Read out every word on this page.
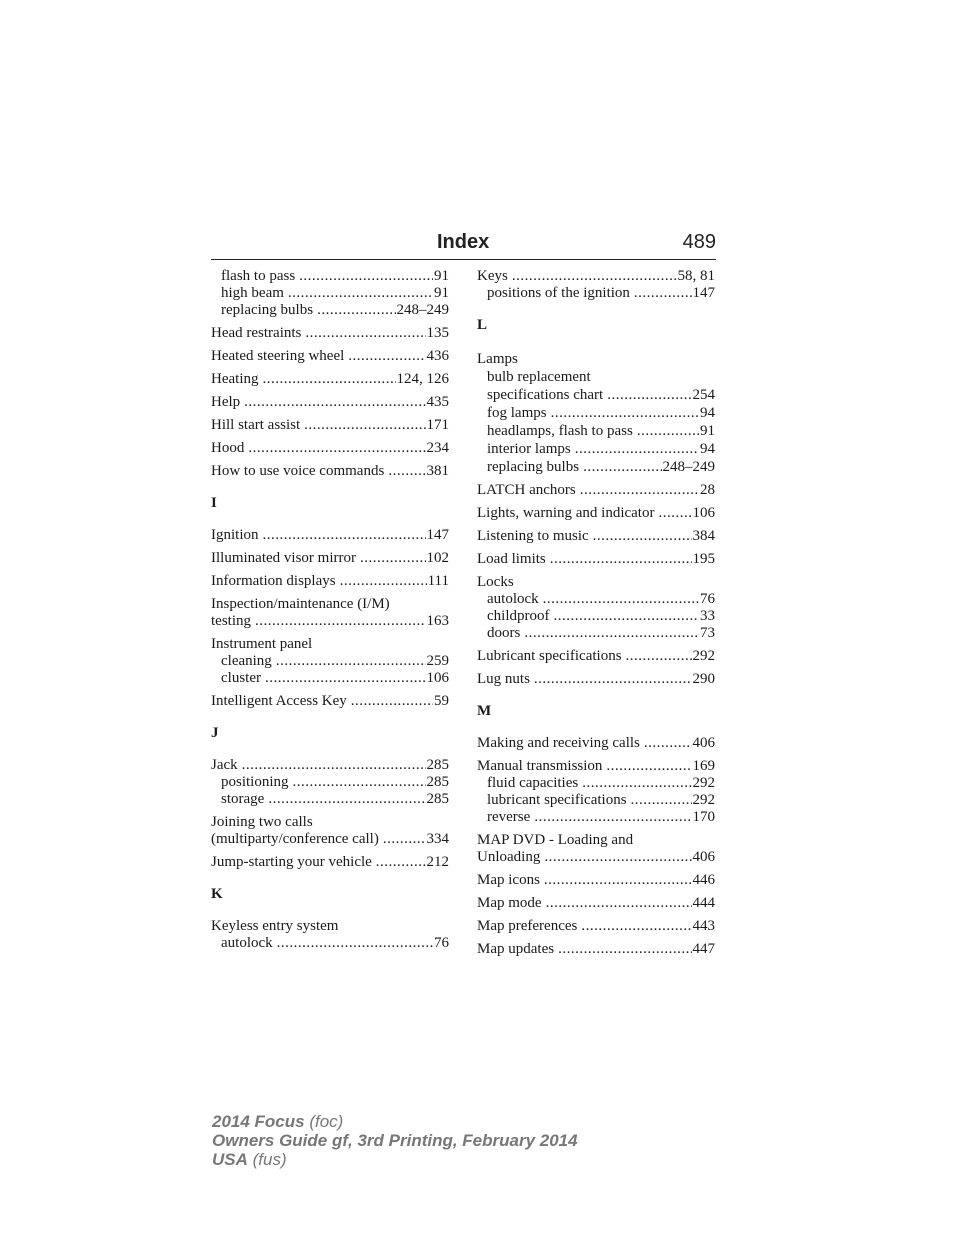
Index	489
flash to pass .....	91
high beam .....	91
replacing bulbs .....	248–249
Head restraints .....	135
Heated steering wheel .....	436
Heating .....	124, 126
Help .....	435
Hill start assist .....	171
Hood .....	234
How to use voice commands .....	381
I
Ignition .....	147
Illuminated visor mirror .....	102
Information displays .....	111
Inspection/maintenance (I/M)
testing .....	163
Instrument panel
cleaning .....	259
cluster .....	106
Intelligent Access Key .....	59
J
Jack .....	285
positioning .....	285
storage .....	285
Joining two calls
(multiparty/conference call) .....	334
Jump-starting your vehicle .....	212
K
Keyless entry system
autolock .....	76
Keys .....	58, 81
positions of the ignition .....	147
L
Lamps
bulb replacement
specifications chart .....	254
fog lamps .....	94
headlamps, flash to pass .....	91
interior lamps .....	94
replacing bulbs .....	248–249
LATCH anchors .....	28
Lights, warning and indicator .....	106
Listening to music .....	384
Load limits .....	195
Locks
autolock .....	76
childproof .....	33
doors .....	73
Lubricant specifications .....	292
Lug nuts .....	290
M
Making and receiving calls .....	406
Manual transmission .....	169
fluid capacities .....	292
lubricant specifications .....	292
reverse .....	170
MAP DVD - Loading and
Unloading .....	406
Map icons .....	446
Map mode .....	444
Map preferences .....	443
Map updates .....	447
2014 Focus (foc)
Owners Guide gf, 3rd Printing, February 2014
USA (fus)
